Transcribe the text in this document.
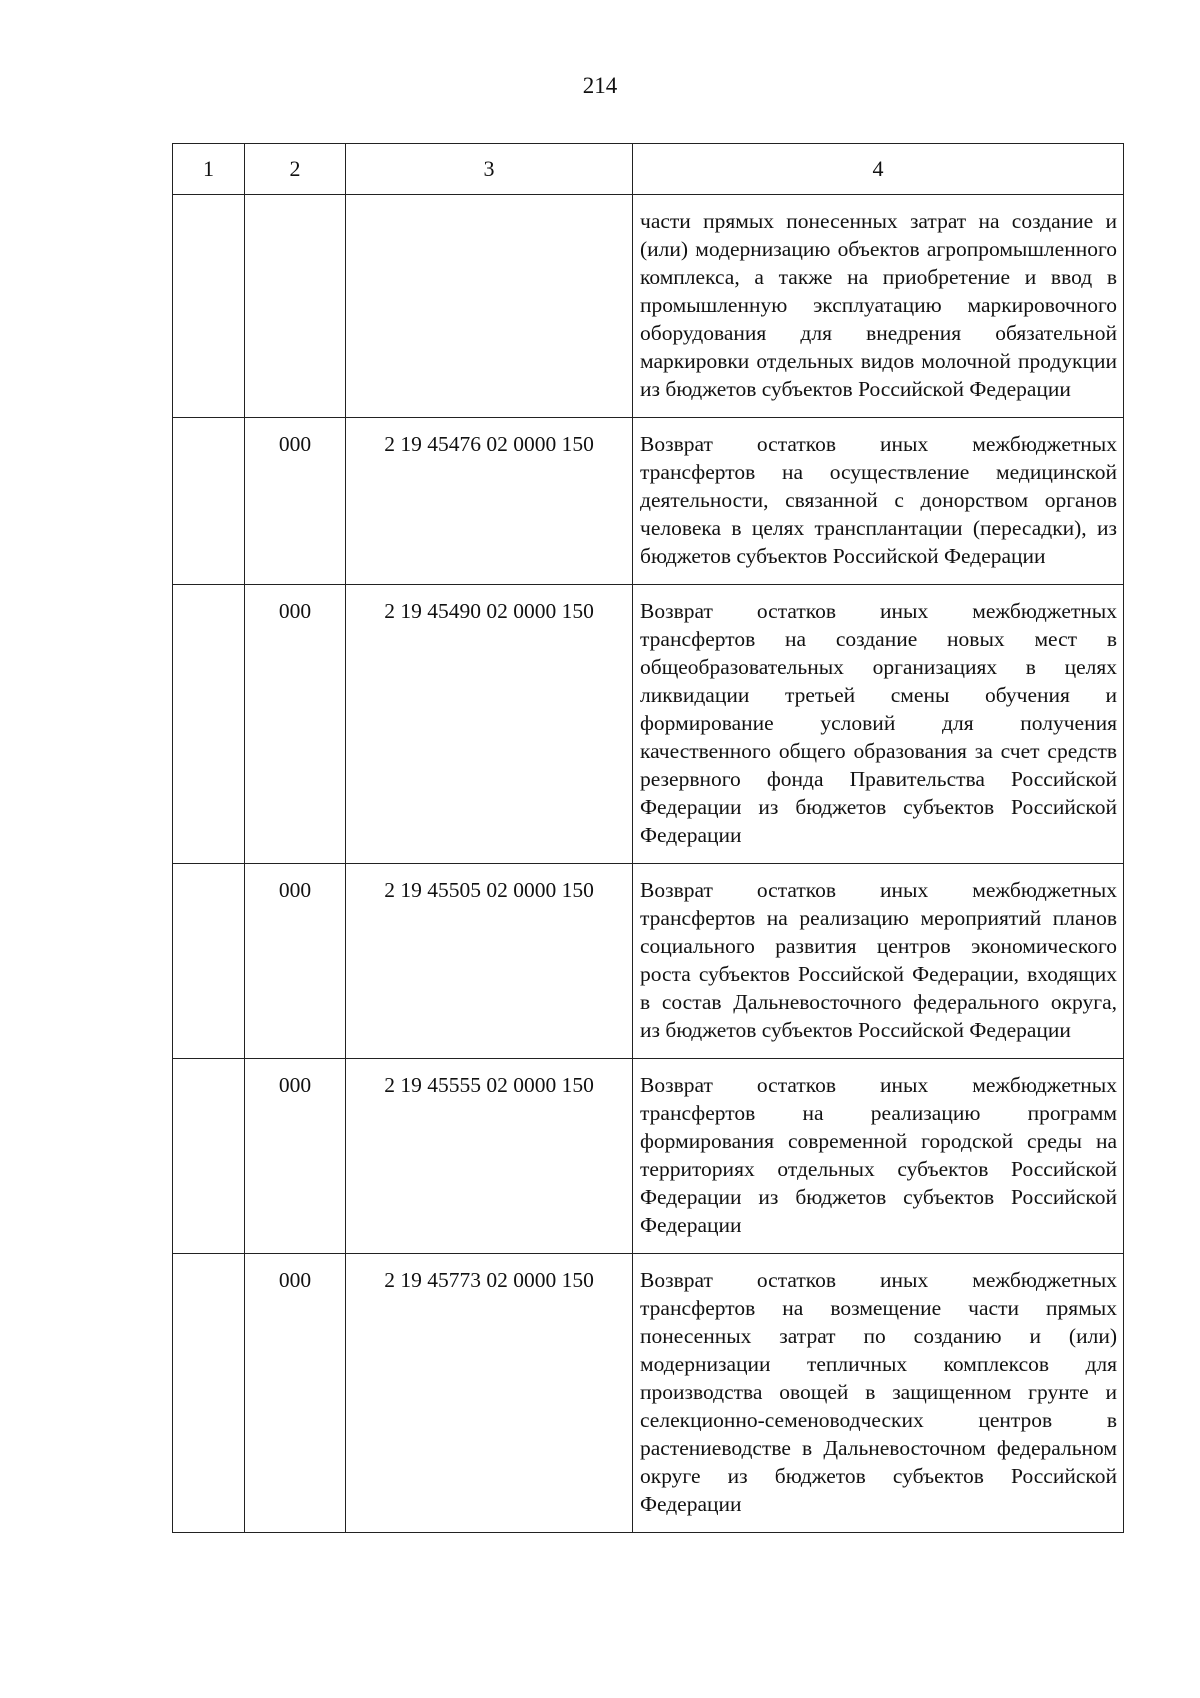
214
1	2	3	4
			части прямых понесенных затрат на создание и (или) модернизацию объектов агропромышленного комплекса, а также на приобретение и ввод в промышленную эксплуатацию маркировочного оборудования для внедрения обязательной маркировки отдельных видов молочной продукции из бюджетов субъектов Российской Федерации
	000	2 19 45476 02 0000 150	Возврат остатков иных межбюджетных трансфертов на осуществление медицинской деятельности, связанной с донорством органов человека в целях трансплантации (пересадки), из бюджетов субъектов Российской Федерации
	000	2 19 45490 02 0000 150	Возврат остатков иных межбюджетных трансфертов на создание новых мест в общеобразовательных организациях в целях ликвидации третьей смены обучения и формирование условий для получения качественного общего образования за счет средств резервного фонда Правительства Российской Федерации из бюджетов субъектов Российской Федерации
	000	2 19 45505 02 0000 150	Возврат остатков иных межбюджетных трансфертов на реализацию мероприятий планов социального развития центров экономического роста субъектов Российской Федерации, входящих в состав Дальневосточного федерального округа, из бюджетов субъектов Российской Федерации
	000	2 19 45555 02 0000 150	Возврат остатков иных межбюджетных трансфертов на реализацию программ формирования современной городской среды на территориях отдельных субъектов Российской Федерации из бюджетов субъектов Российской Федерации
	000	2 19 45773 02 0000 150	Возврат остатков иных межбюджетных трансфертов на возмещение части прямых понесенных затрат по созданию и (или) модернизации тепличных комплексов для производства овощей в защищенном грунте и селекционно-семеноводческих центров в растениеводстве в Дальневосточном федеральном округе из бюджетов субъектов Российской Федерации
